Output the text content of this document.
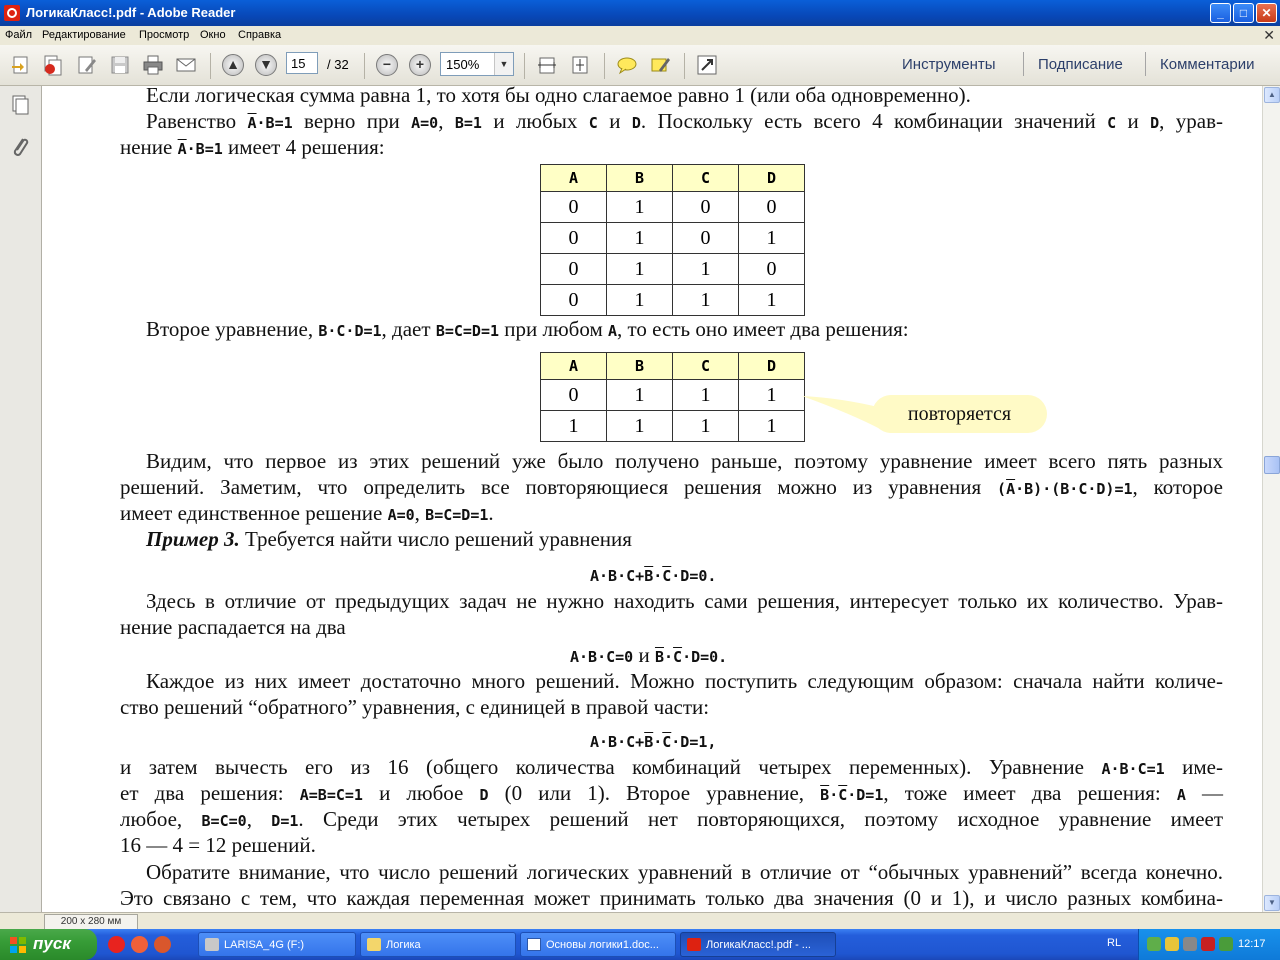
ЛогикаКласс!.pdf - Adobe Reader	_	□	✕
Файл Редактирование Просмотр Окно Справка	✕
▲ ▼	−	+
15
/ 32	150%	▼	Инструменты	Подписание Комментарии
Если логическая сумма равна 1, то хотя бы одно слагаемое равно 1 (или оба одновременно).
Равенство $\overline{A}\cdot B=1$ верно при A=0, B=1 и любых C и D. Поскольку есть всего 4 комбинации значений C и D, урав-
нение $\overline{A}\cdot B=1$ имеет 4 решения:
A	B	C	D
0	1	0	0
0	1	0	1
0	1	1	0
0	1	1	1
Второе уравнение, B·C·D=1, дает B=C=D=1 при любом A, то есть оно имеет два решения:
A	B	C	D
0	1	1	1
1	1	1	1
повторяется
Видим, что первое из этих решений уже было получено раньше, поэтому уравнение имеет всего пять разных
решений. Заметим, что определить все повторяющиеся решения можно из уравнения $(\overline{A}\cdot B)\cdot(B\cdot C\cdot D)=1$, которое
имеет единственное решение A=0, B=C=D=1.
Пример 3. Требуется найти число решений уравнения
$A\cdot B\cdot C+\overline{B}\cdot\overline{C}\cdot D=0$.
Здесь в отличие от предыдущих задач не нужно находить сами решения, интересует только их количество. Урав-
нение распадается на два
A·B·C=0 и $\overline{B}\cdot\overline{C}\cdot D=0$.
Каждое из них имеет достаточно много решений. Можно поступить следующим образом: сначала найти количе-
ство решений “обратного” уравнения, с единицей в правой части:
$A\cdot B\cdot C+\overline{B}\cdot\overline{C}\cdot D=1$,
и затем вычесть его из 16 (общего количества комбинаций четырех переменных). Уравнение A·B·C=1 име-
ет два решения: A=B=C=1 и любое D (0 или 1). Второе уравнение, $\overline{B}\cdot\overline{C}\cdot D=1$, тоже имеет два решения: A —
любое, B=C=0, D=1. Среди этих четырех решений нет повторяющихся, поэтому исходное уравнение имеет
16 — 4 = 12 решений.
Обратите внимание, что число решений логических уравнений в отличие от “обычных уравнений” всегда конечно.
Это связано с тем, что каждая переменная может принимать только два значения (0 и 1), и число разных комбина-
▲
▼
200 x 280 мм
пуск	LARISA_4G (F:)	Логика	Основы логики1.doc...	ЛогикаКласс!.pdf - ...	RL	12:17
